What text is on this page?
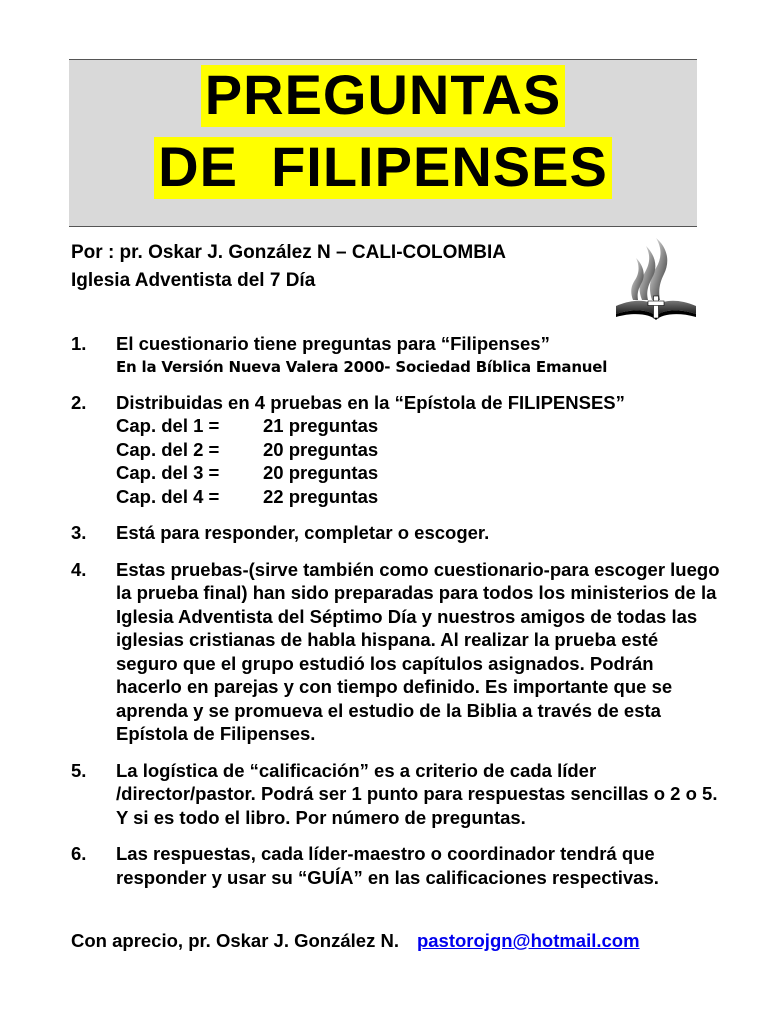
PREGUNTAS
DE  FILIPENSES
Por : pr. Oskar J. González N – CALI-COLOMBIA
Iglesia Adventista del 7 Día
1.	El cuestionario tiene preguntas para “Filipenses”
En la Versión Nueva Valera 2000- Sociedad Bíblica Emanuel
2.	Distribuidas en 4 pruebas en la “Epístola de FILIPENSES”
Cap. del 1 =	21 preguntas
Cap. del 2 =	20 preguntas
Cap. del 3 =	20 preguntas
Cap. del 4 =	22 preguntas
3.	Está para responder, completar o escoger.
4.	Estas pruebas-(sirve también como cuestionario-para escoger luego la prueba final) han sido preparadas para todos los ministerios de la Iglesia Adventista del Séptimo Día y nuestros amigos de todas las iglesias cristianas de habla hispana. Al realizar la prueba esté seguro que el grupo estudió los capítulos asignados. Podrán hacerlo en parejas y con tiempo definido. Es importante que se aprenda y se promueva el estudio de la Biblia a través de esta Epístola de Filipenses.
5.	La logística de “calificación” es a criterio de cada líder /director/pastor. Podrá ser 1 punto para respuestas sencillas o 2 o 5. Y si es todo el libro. Por número de preguntas.
6.	Las respuestas, cada líder-maestro o coordinador tendrá que responder y usar su “GUÍA” en las calificaciones respectivas.
Con aprecio, pr. Oskar J. González N. pastorojgn@hotmail.com
